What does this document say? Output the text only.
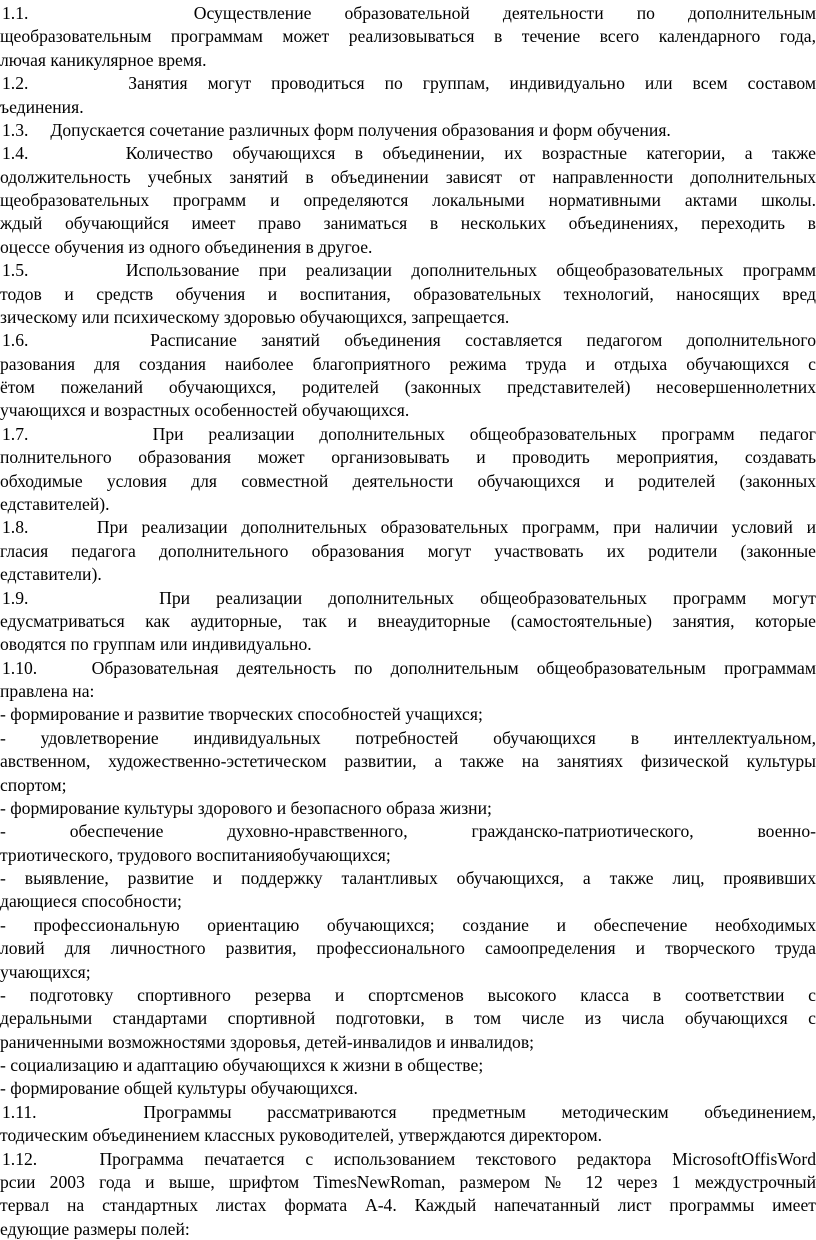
1.1.     Осуществление образовательной деятельности по дополнительным
щеобразовательным программам может реализовываться в течение всего календарного года,
лючая каникулярное время.
1.2.     Занятия могут проводиться по группам, индивидуально или всем составом
ъединения.
1.3.     Допускается сочетание различных форм получения образования и форм обучения.
1.4.     Количество обучающихся в объединении, их возрастные категории, а также
одолжительность учебных занятий в объединении зависят от направленности дополнительных
щеобразовательных программ и определяются локальными нормативными актами школы.
ждый обучающийся имеет право заниматься в нескольких объединениях, переходить в
оцессе обучения из одного объединения в другое.
1.5.     Использование при реализации дополнительных общеобразовательных программ
тодов и средств обучения и воспитания, образовательных технологий, наносящих вред
зическому или психическому здоровью обучающихся, запрещается.
1.6.     Расписание занятий объединения составляется педагогом дополнительного
разования для создания наиболее благоприятного режима труда и отдыха обучающихся с
ётом пожеланий обучающихся, родителей (законных представителей) несовершеннолетних
учающихся и возрастных особенностей обучающихся.
1.7.     При реализации дополнительных общеобразовательных программ педагог
полнительного образования может организовывать и проводить мероприятия, создавать
обходимые условия для совместной деятельности обучающихся и родителей (законных
едставителей).
1.8.     При реализации дополнительных образовательных программ, при наличии условий и
гласия педагога дополнительного образования могут участвовать их родители (законные
едставители).
1.9.     При реализации дополнительных общеобразовательных программ могут
едусматриваться как аудиторные, так и внеаудиторные (самостоятельные) занятия, которые
оводятся по группам или индивидуально.
1.10.   Образовательная деятельность по дополнительным общеобразовательным программам
правлена на:
- формирование и развитие творческих способностей учащихся;
- удовлетворение индивидуальных потребностей обучающихся в интеллектуальном,
авственном, художественно-эстетическом развитии, а также на занятиях физической культуры
спортом;
- формирование культуры здорового и безопасного образа жизни;
- обеспечение духовно-нравственного, гражданско-патриотического, военно-
триотического, трудового воспитанияобучающихся;
- выявление, развитие и поддержку талантливых обучающихся, а также лиц, проявивших
дающиеся способности;
- профессиональную ориентацию обучающихся; создание и обеспечение необходимых
ловий для личностного развития, профессионального самоопределения и творческого труда
учающихся;
- подготовку спортивного резерва и спортсменов высокого класса в соответствии с
деральными стандартами спортивной подготовки, в том числе из числа обучающихся с
раниченными возможностями здоровья, детей-инвалидов и инвалидов;
- социализацию и адаптацию обучающихся к жизни в обществе;
- формирование общей культуры обучающихся.
1.11.   Программы рассматриваются предметным методическим объединением,
тодическим объединением классных руководителей, утверждаются директором.
1.12.   Программа печатается с использованием текстового редактора MicrosoftOffisWord
рсии 2003 года и выше, шрифтом TimesNewRoman, размером № 12 через 1 междустрочный
тервал на стандартных листах формата А-4. Каждый напечатанный лист программы имеет
едующие размеры полей:
